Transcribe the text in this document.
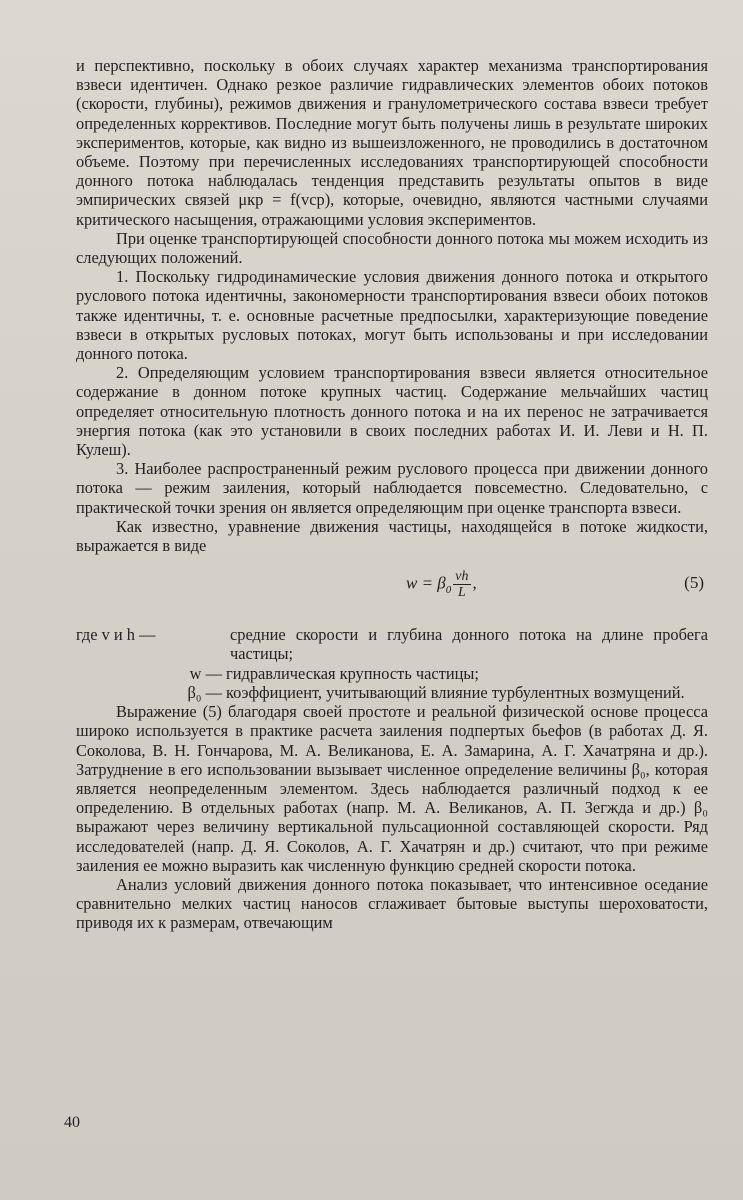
и перспективно, поскольку в обоих случаях характер механизма транспортирования взвеси идентичен. Однако резкое различие гидравлических элементов обоих потоков (скорости, глубины), режимов движения и гранулометрического состава взвеси требует определенных коррективов. Последние могут быть получены лишь в результате широких экспериментов, которые, как видно из вышеизложенного, не проводились в достаточном объеме. Поэтому при перечисленных исследованиях транспортирующей способности донного потока наблюдалась тенденция представить результаты опытов в виде эмпирических связей μкр = f(vср), которые, очевидно, являются частными случаями критического насыщения, отражающими условия экспериментов.

При оценке транспортирующей способности донного потока мы можем исходить из следующих положений.

1. Поскольку гидродинамические условия движения донного потока и открытого руслового потока идентичны, закономерности транспортирования взвеси обоих потоков также идентичны, т. е. основные расчетные предпосылки, характеризующие поведение взвеси в открытых русловых потоках, могут быть использованы и при исследовании донного потока.

2. Определяющим условием транспортирования взвеси является относительное содержание в донном потоке крупных частиц. Содержание мельчайших частиц определяет относительную плотность донного потока и на их перенос не затрачивается энергия потока (как это установили в своих последних работах И. И. Леви и Н. П. Кулеш).

3. Наиболее распространенный режим руслового процесса при движении донного потока — режим заиления, который наблюдается повсеместно. Следовательно, с практической точки зрения он является определяющим при оценке транспорта взвеси.

Как известно, уравнение движения частицы, находящейся в потоке жидкости, выражается в виде

$w = \beta_0 \frac{vh}{L}$ ,	(5)
где v и h —	средние скорости и глубина донного потока на длине пробега частицы;
w — гидравлическая крупность частицы;
β₀ — коэффициент, учитывающий влияние турбулентных возмущений.

Выражение (5) благодаря своей простоте и реальной физической основе процесса широко используется в практике расчета заиления подпертых бьефов (в работах Д. Я. Соколова, В. Н. Гончарова, М. А. Великанова, Е. А. Замарина, А. Г. Хачатряна и др.). Затруднение в его использовании вызывает численное определение величины β₀, которая является неопределенным элементом. Здесь наблюдается различный подход к ее определению. В отдельных работах (напр. М. А. Великанов, А. П. Зегжда и др.) β₀ выражают через величину вертикальной пульсационной составляющей скорости. Ряд исследователей (напр. Д. Я. Соколов, А. Г. Хачатрян и др.) считают, что при режиме заиления ее можно выразить как численную функцию средней скорости потока.

Анализ условий движения донного потока показывает, что интенсивное оседание сравнительно мелких частиц наносов сглаживает бытовые выступы шероховатости, приводя их к размерам, отвечающим

40
